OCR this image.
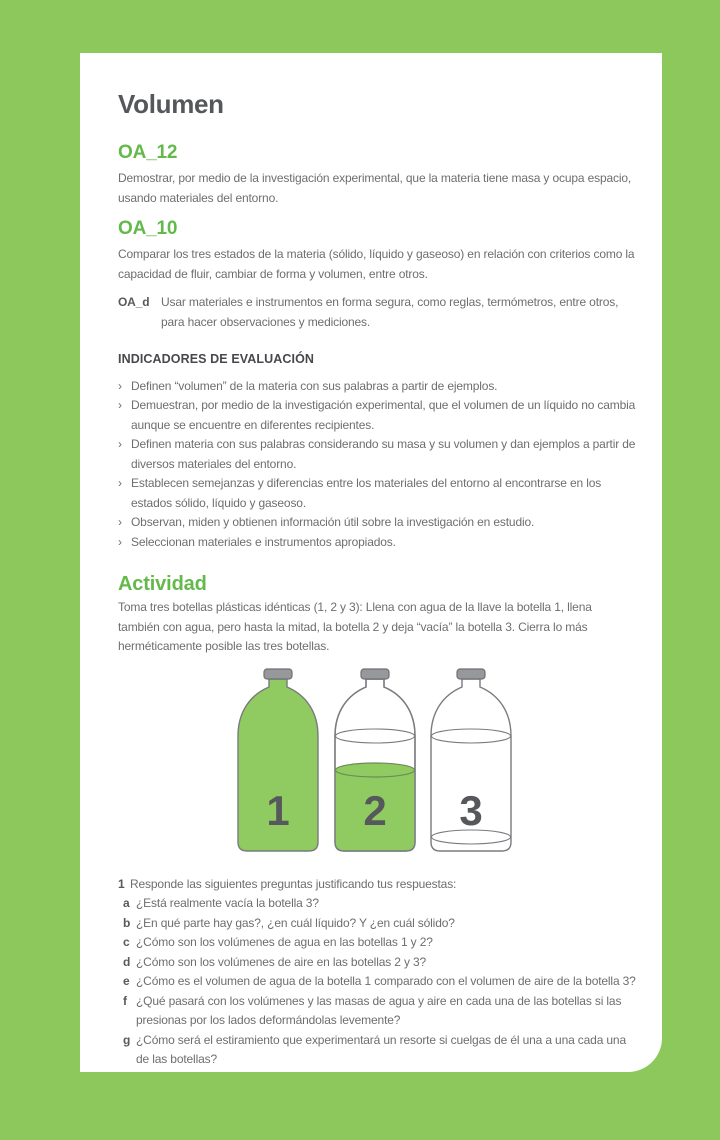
Volumen
OA_12

Demostrar, por medio de la investigación experimental, que la materia tiene masa y ocupa espacio, usando materiales del entorno.

OA_10

Comparar los tres estados de la materia (sólido, líquido y gaseoso) en relación con criterios como la capacidad de fluir, cambiar de forma y volumen, entre otros.

OA_d Usar materiales e instrumentos en forma segura, como reglas, termómetros, entre otros, para hacer observaciones y mediciones.
INDICADORES DE EVALUACIÓN
› Definen “volumen” de la materia con sus palabras a partir de ejemplos.
› Demuestran, por medio de la investigación experimental, que el volumen de un líquido no cambia aunque se encuentre en diferentes recipientes.
› Definen materia con sus palabras considerando su masa y su volumen y dan ejemplos a partir de diversos materiales del entorno.
› Establecen semejanzas y diferencias entre los materiales del entorno al encontrarse en los estados sólido, líquido y gaseoso.
› Observan, miden y obtienen información útil sobre la investigación en estudio.
› Seleccionan materiales e instrumentos apropiados.
Actividad

Toma tres botellas plásticas idénticas (1, 2 y 3): Llena con agua de la llave la botella 1, llena también con agua, pero hasta la mitad, la botella 2 y deja “vacía” la botella 3. Cierra lo más herméticamente posible las tres botellas.

1 2 3
1 Responde las siguientes preguntas justificando tus respuestas:
a ¿Está realmente vacía la botella 3?
b ¿En qué parte hay gas?, ¿en cuál líquido? Y ¿en cuál sólido?
c ¿Cómo son los volúmenes de agua en las botellas 1 y 2?
d ¿Cómo son los volúmenes de aire en las botellas 2 y 3?
e ¿Cómo es el volumen de agua de la botella 1 comparado con el volumen de aire de la botella 3?
f ¿Qué pasará con los volúmenes y las masas de agua y aire en cada una de las botellas si las presionas por los lados deformándolas levemente?
g ¿Cómo será el estiramiento que experimentará un resorte si cuelgas de él una a una cada una de las botellas?
